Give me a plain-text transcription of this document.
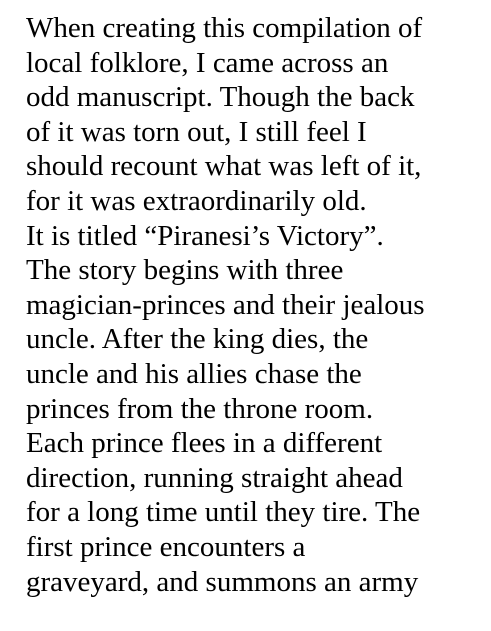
When creating this compilation of
local folklore, I came across an
odd manuscript. Though the back
of it was torn out, I still feel I
should recount what was left of it,
for it was extraordinarily old.
It is titled “Piranesi’s Victory”.
The story begins with three
magician-princes and their jealous
uncle. After the king dies, the
uncle and his allies chase the
princes from the throne room.
Each prince flees in a different
direction, running straight ahead
for a long time until they tire. The
first prince encounters a
graveyard, and summons an army
